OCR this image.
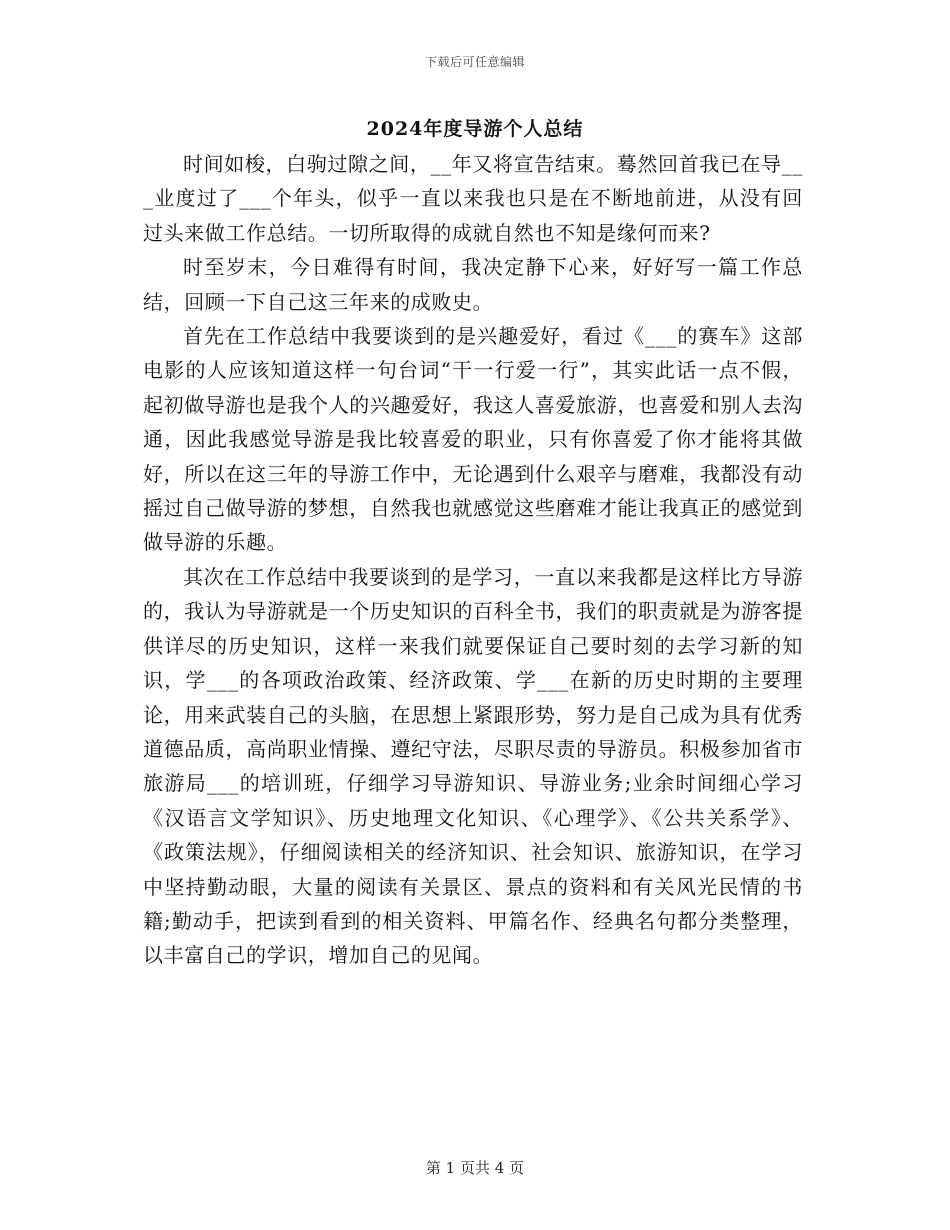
下载后可任意编辑
2024年度导游个人总结

时间如梭，白驹过隙之间，__年又将宣告结束。蓦然回首我已在导___业度过了___个年头，似乎一直以来我也只是在不断地前进，从没有回过头来做工作总结。一切所取得的成就自然也不知是缘何而来?

时至岁末，今日难得有时间，我决定静下心来，好好写一篇工作总结，回顾一下自己这三年来的成败史。

首先在工作总结中我要谈到的是兴趣爱好，看过《___的赛车》这部电影的人应该知道这样一句台词“干一行爱一行”，其实此话一点不假，起初做导游也是我个人的兴趣爱好，我这人喜爱旅游，也喜爱和别人去沟通，因此我感觉导游是我比较喜爱的职业，只有你喜爱了你才能将其做好，所以在这三年的导游工作中，无论遇到什么艰辛与磨难，我都没有动摇过自己做导游的梦想，自然我也就感觉这些磨难才能让我真正的感觉到做导游的乐趣。

其次在工作总结中我要谈到的是学习，一直以来我都是这样比方导游的，我认为导游就是一个历史知识的百科全书，我们的职责就是为游客提供详尽的历史知识，这样一来我们就要保证自己要时刻的去学习新的知识，学___的各项政治政策、经济政策、学___在新的历史时期的主要理论，用来武装自己的头脑，在思想上紧跟形势，努力是自己成为具有优秀道德品质，高尚职业情操、遵纪守法，尽职尽责的导游员。积极参加省市旅游局___的培训班，仔细学习导游知识、导游业务;业余时间细心学习《汉语言文学知识》、历史地理文化知识、《心理学》、《公共关系学》、《政策法规》，仔细阅读相关的经济知识、社会知识、旅游知识，在学习中坚持勤动眼，大量的阅读有关景区、景点的资料和有关风光民情的书籍;勤动手，把读到看到的相关资料、甲篇名作、经典名句都分类整理，以丰富自己的学识，增加自己的见闻。

第 1 页共 4 页
